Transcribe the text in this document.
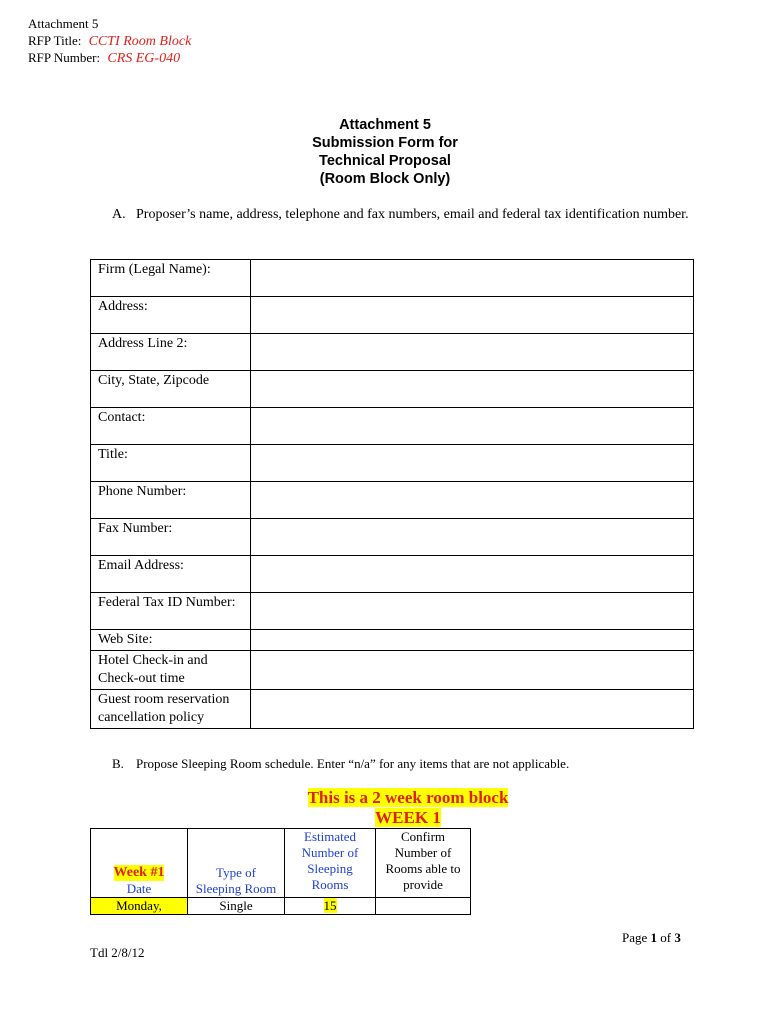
Attachment 5
RFP Title: CCTI Room Block
RFP Number: CRS EG-040
Attachment 5
Submission Form for
Technical Proposal
(Room Block Only)
A. Proposer’s name, address, telephone and fax numbers, email and federal tax identification number.
Firm (Legal Name):	
Address:	
Address Line 2:	
City, State, Zipcode	
Contact:	
Title:	
Phone Number:	
Fax Number:	
Email Address:	
Federal Tax ID Number:	
Web Site:	
Hotel Check-in and Check-out time	
Guest room reservation cancellation policy	
B. Propose Sleeping Room schedule. Enter “n/a” for any items that are not applicable.
This is a 2 week room block
WEEK 1
Week #1
Date	Type of Sleeping Room	Estimated Number of Sleeping Rooms	Confirm Number of Rooms able to provide
Monday,	Single	15	
Page 1 of 3
Tdl 2/8/12
